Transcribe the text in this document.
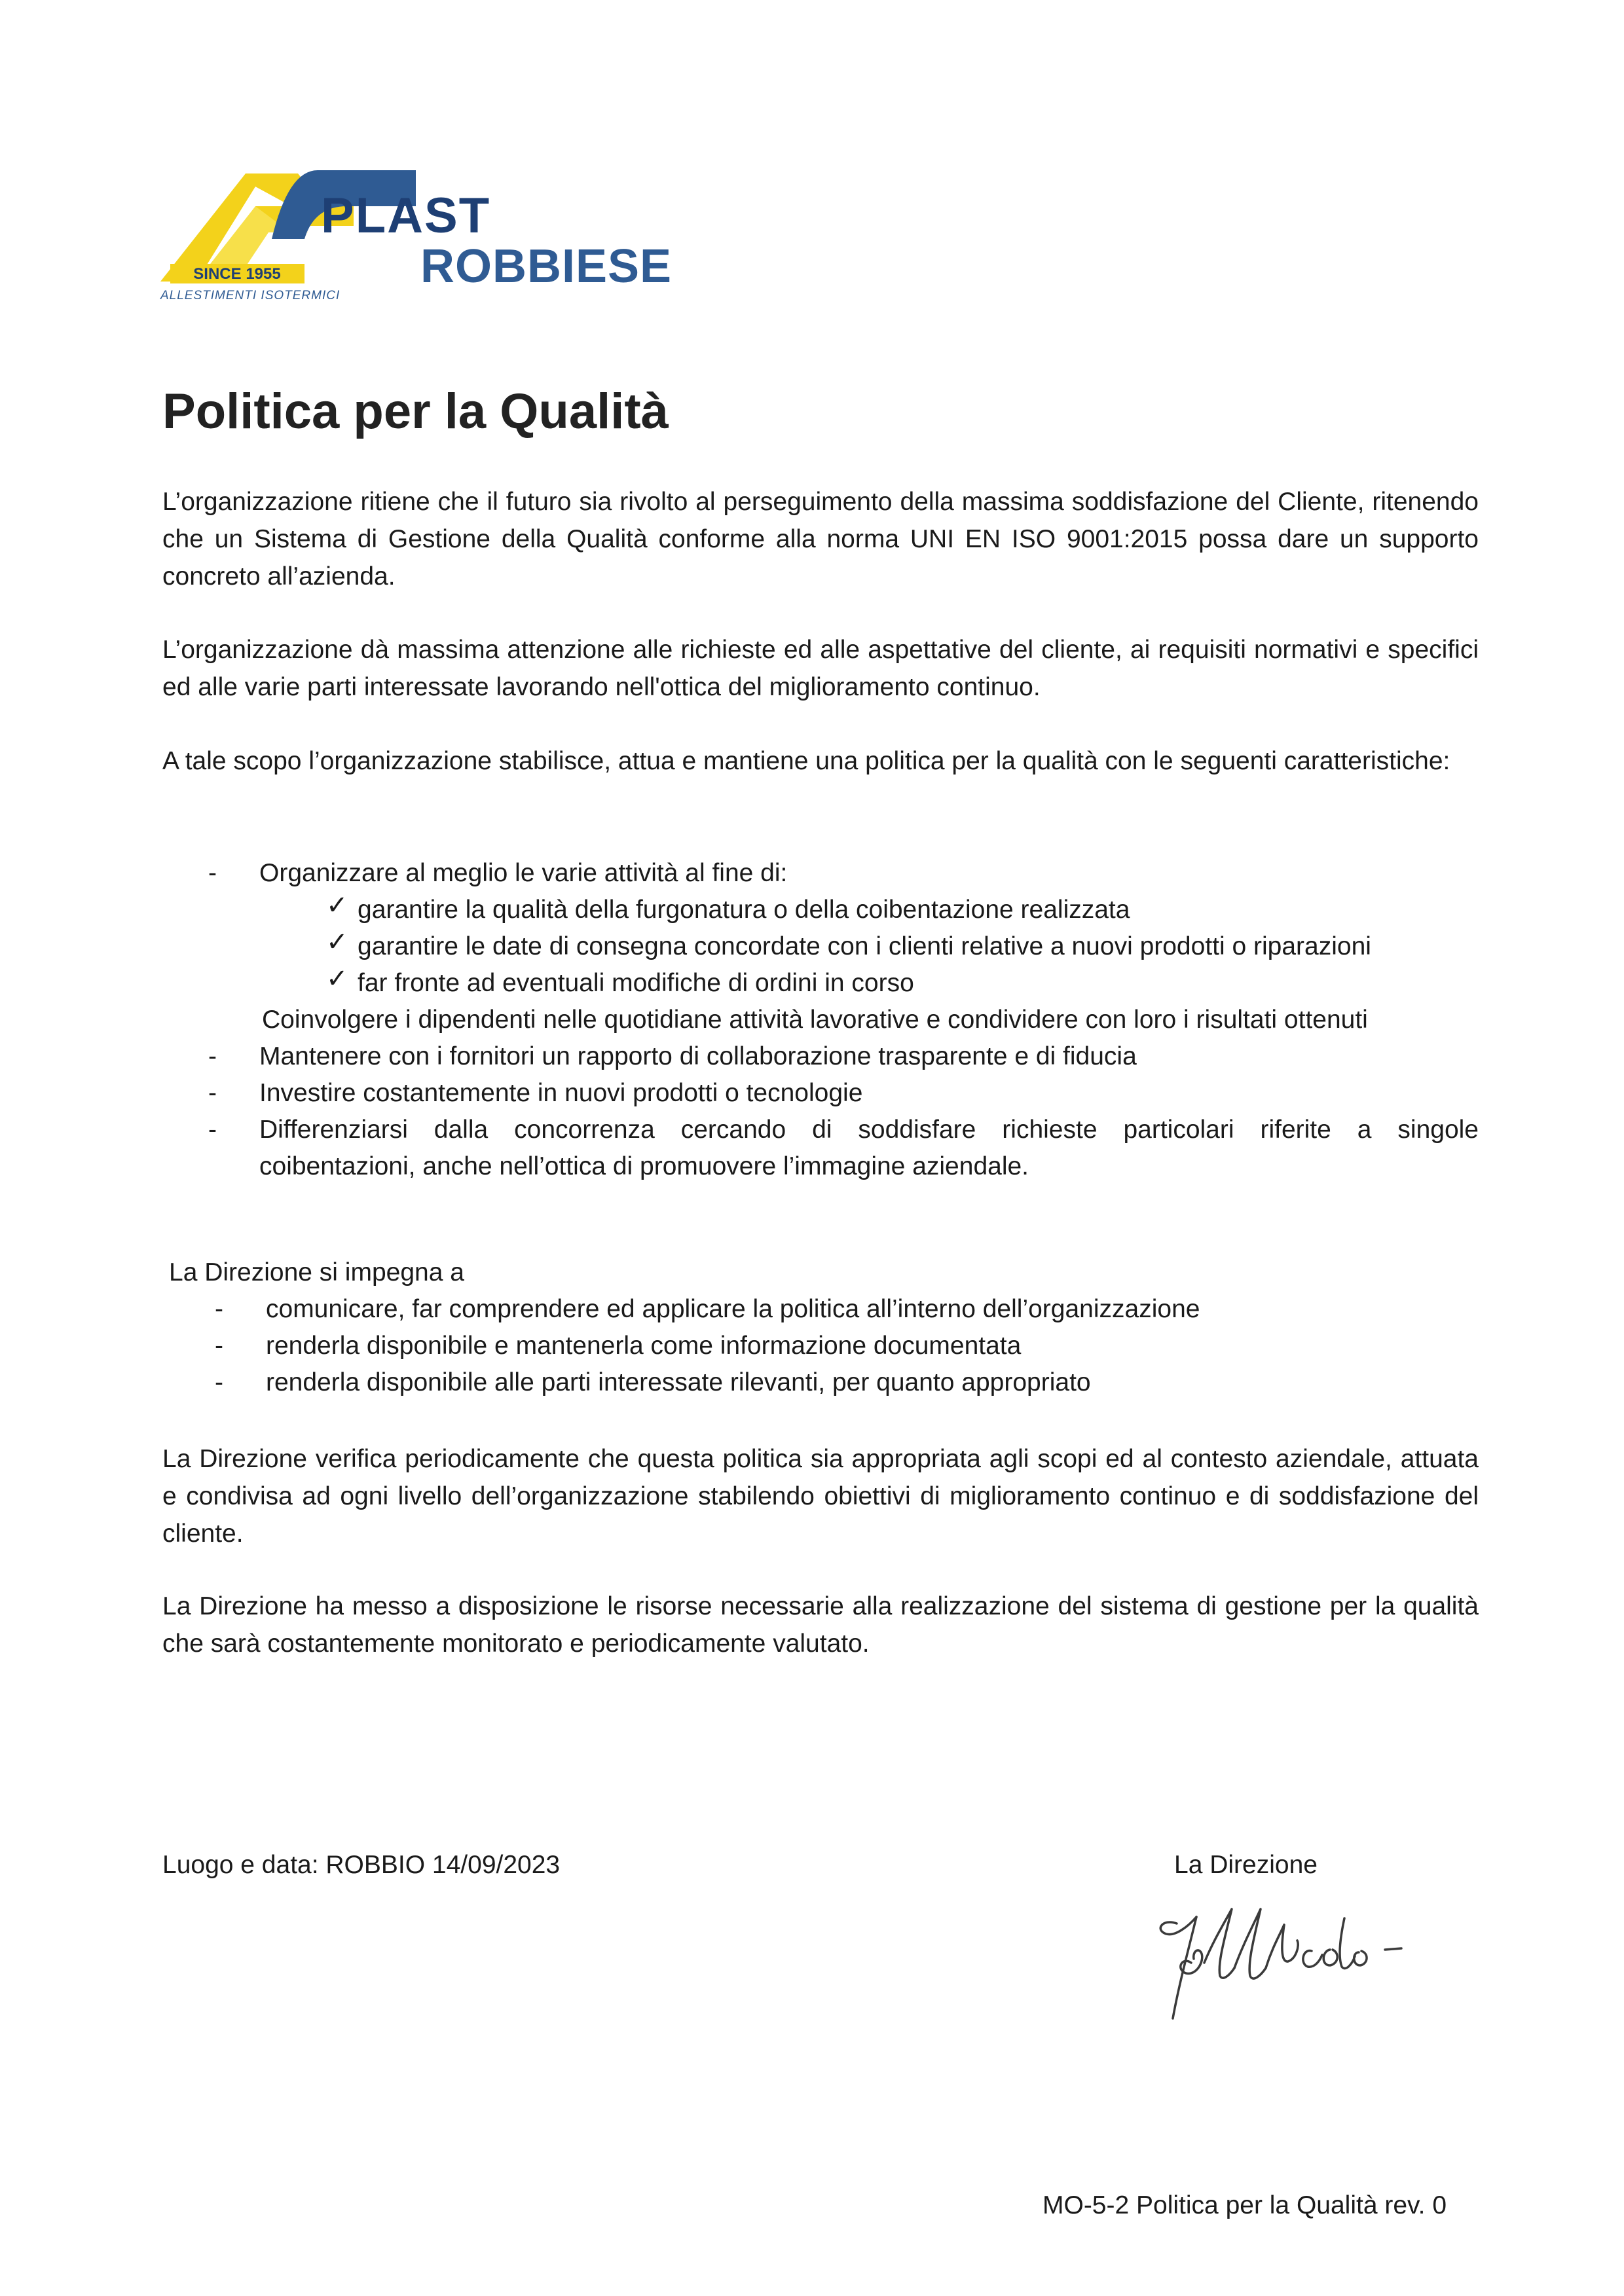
SINCE 1955
PLAST
ROBBIESE
ALLESTIMENTI ISOTERMICI
Politica per la Qualità

L’organizzazione ritiene che il futuro sia rivolto al perseguimento della massima soddisfazione del Cliente, ritenendo che un Sistema di Gestione della Qualità conforme alla norma UNI EN ISO 9001:2015 possa dare un supporto concreto all’azienda.

L’organizzazione dà massima attenzione alle richieste ed alle aspettative del cliente, ai requisiti normativi e specifici ed alle varie parti interessate lavorando nell'ottica del miglioramento continuo.

A tale scopo l’organizzazione stabilisce, attua e mantiene una politica per la qualità con le seguenti caratteristiche:

- Organizzare al meglio le varie attività al fine di:
✓ garantire la qualità della furgonatura o della coibentazione realizzata
✓ garantire le date di consegna concordate con i clienti relative a nuovi prodotti o riparazioni
✓ far fronte ad eventuali modifiche di ordini in corso
Coinvolgere i dipendenti nelle quotidiane attività lavorative e condividere con loro i risultati ottenuti
- Mantenere con i fornitori un rapporto di collaborazione trasparente e di fiducia
- Investire costantemente in nuovi prodotti o tecnologie
- Differenziarsi dalla concorrenza cercando di soddisfare richieste particolari riferite a singole
coibentazioni, anche nell’ottica di promuovere l’immagine aziendale.
La Direzione si impegna a
- comunicare, far comprendere ed applicare la politica all’interno dell’organizzazione
- renderla disponibile e mantenerla come informazione documentata
- renderla disponibile alle parti interessate rilevanti, per quanto appropriato

La Direzione verifica periodicamente che questa politica sia appropriata agli scopi ed al contesto aziendale, attuata e condivisa ad ogni livello dell’organizzazione stabilendo obiettivi di miglioramento continuo e di soddisfazione del cliente.

La Direzione ha messo a disposizione le risorse necessarie alla realizzazione del sistema di gestione per la qualità che sarà costantemente monitorato e periodicamente valutato.

Luogo e data: ROBBIO 14/09/2023	La Direzione
MO-5-2 Politica per la Qualità rev. 0
